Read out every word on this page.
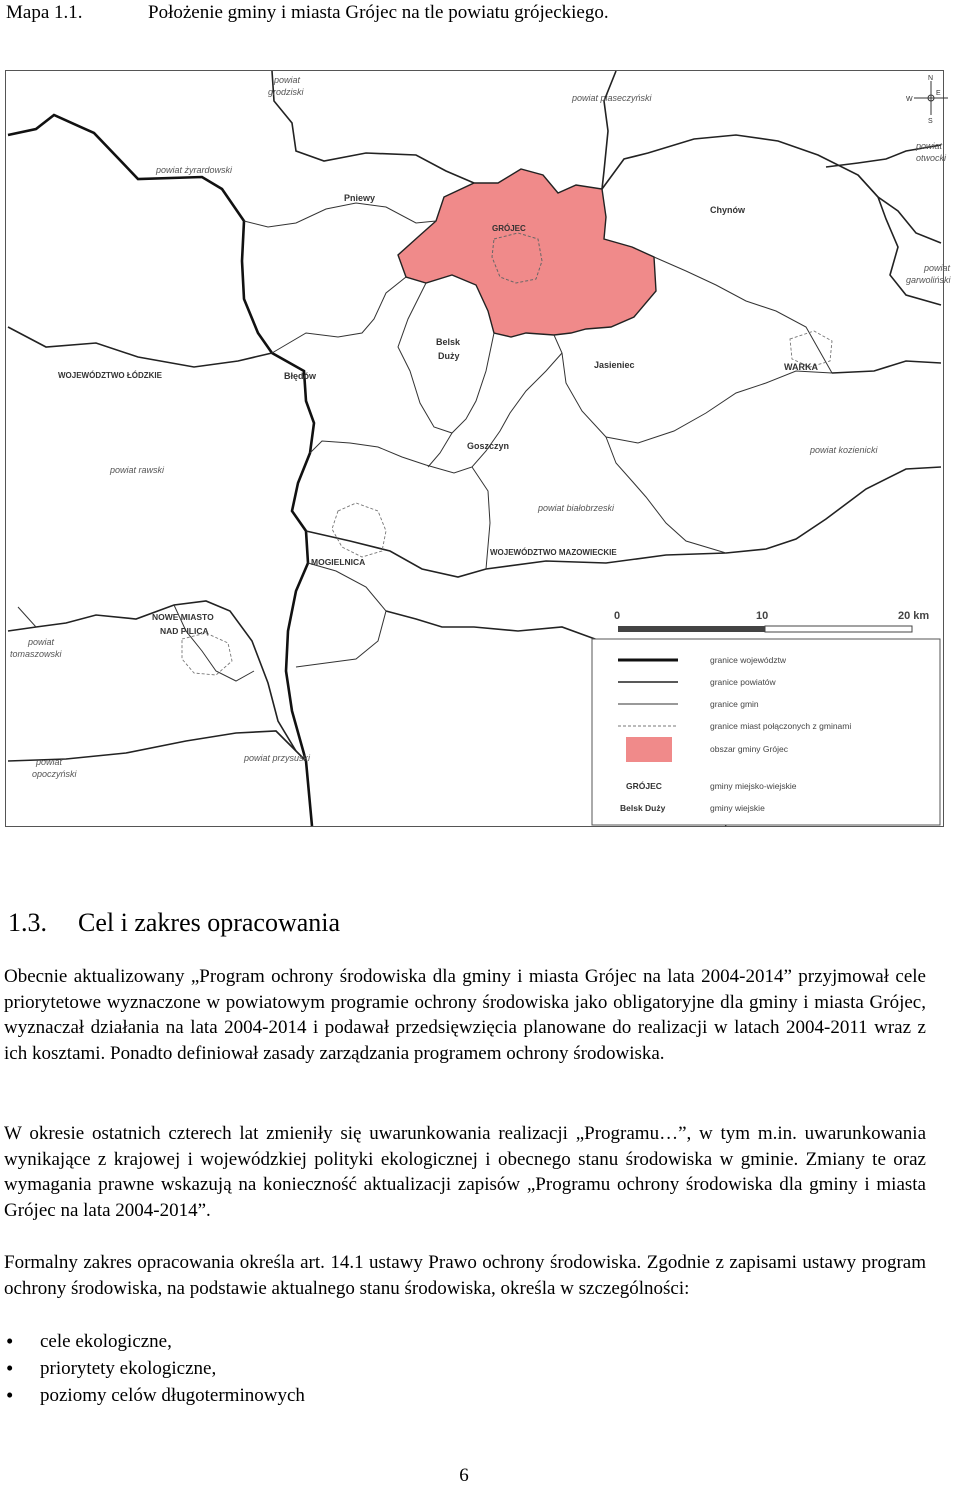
Mapa 1.1.	Położenie gminy i miasta Grójec na tle powiatu grójeckiego.
N
S
W
E
powiat
grodziski
powiat piaseczyński
powiat żyrardowski
powiat
otwocki
powiat
garwoliński
powiat rawski
powiat kozienicki
powiat białobrzeski
powiat
tomaszowski
powiat
opoczyński
powiat przysuski
Pniewy
GRÓJEC
Chynów
Belsk
Duży
Błędów
Jasieniec	WARKA
Goszczyn
MOGIELNICA
NOWE MIASTO
NAD PILICĄ
WOJEWÓDZTWO ŁÓDZKIE
WOJEWÓDZTWO MAZOWIECKIE
0	10	20 km
granice województw
granice powiatów
granice gmin
granice miast połączonych z gminami
obszar gminy Grójec
gminy miejsko-wiejskie
gminy wiejskie
GRÓJEC
Belsk Duży
1.3. Cel i zakres opracowania

Obecnie aktualizowany „Program ochrony środowiska dla gminy i miasta Grójec na lata 2004-2014” przyjmował cele priorytetowe wyznaczone w powiatowym programie ochrony środowiska jako obligatoryjne dla gminy i miasta Grójec, wyznaczał działania na lata 2004-2014 i podawał przedsięwzięcia planowane do realizacji w latach 2004-2011 wraz z ich kosztami. Ponadto definiował zasady zarządzania programem ochrony środowiska.

W okresie ostatnich czterech lat zmieniły się uwarunkowania realizacji „Programu…”, w tym m.in. uwarunkowania wynikające z krajowej i wojewódzkiej polityki ekologicznej i obecnego stanu środowiska w gminie. Zmiany te oraz wymagania prawne wskazują na konieczność aktualizacji zapisów „Programu ochrony środowiska dla gminy i miasta Grójec na lata 2004-2014”.

Formalny zakres opracowania określa art. 14.1 ustawy Prawo ochrony środowiska. Zgodnie z zapisami ustawy program ochrony środowiska, na podstawie aktualnego stanu środowiska, określa w szczególności:

• cele ekologiczne,
• priorytety ekologiczne,
• poziomy celów długoterminowych
6
